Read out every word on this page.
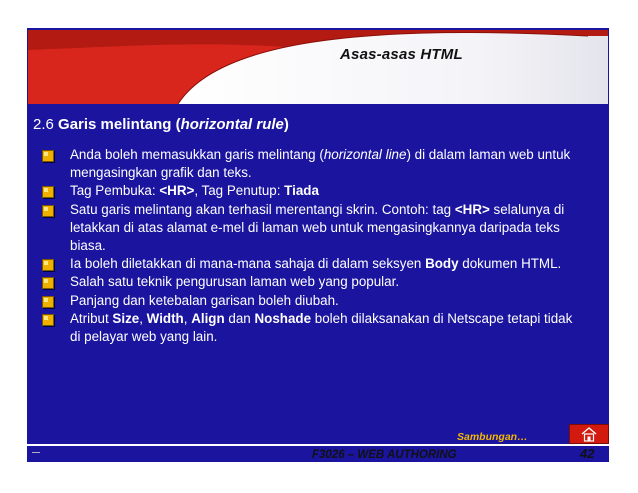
Asas-asas HTML
2.6 Garis melintang (horizontal rule)
Anda boleh memasukkan garis melintang (horizontal line) di dalam laman web untuk mengasingkan grafik dan teks.
Tag Pembuka: <HR>, Tag Penutup: Tiada
Satu garis melintang akan terhasil merentangi skrin. Contoh: tag <HR> selalunya di letakkan di atas alamat e-mel di laman web untuk mengasingkannya daripada teks biasa.
Ia boleh diletakkan di mana-mana sahaja di dalam seksyen Body dokumen HTML.
Salah satu teknik pengurusan laman web yang popular.
Panjang dan ketebalan garisan boleh diubah.
Atribut Size, Width, Align dan Noshade boleh dilaksanakan di Netscape tetapi tidak di pelayar web yang lain.
Sambungan…
F3026 – WEB AUTHORING	42
